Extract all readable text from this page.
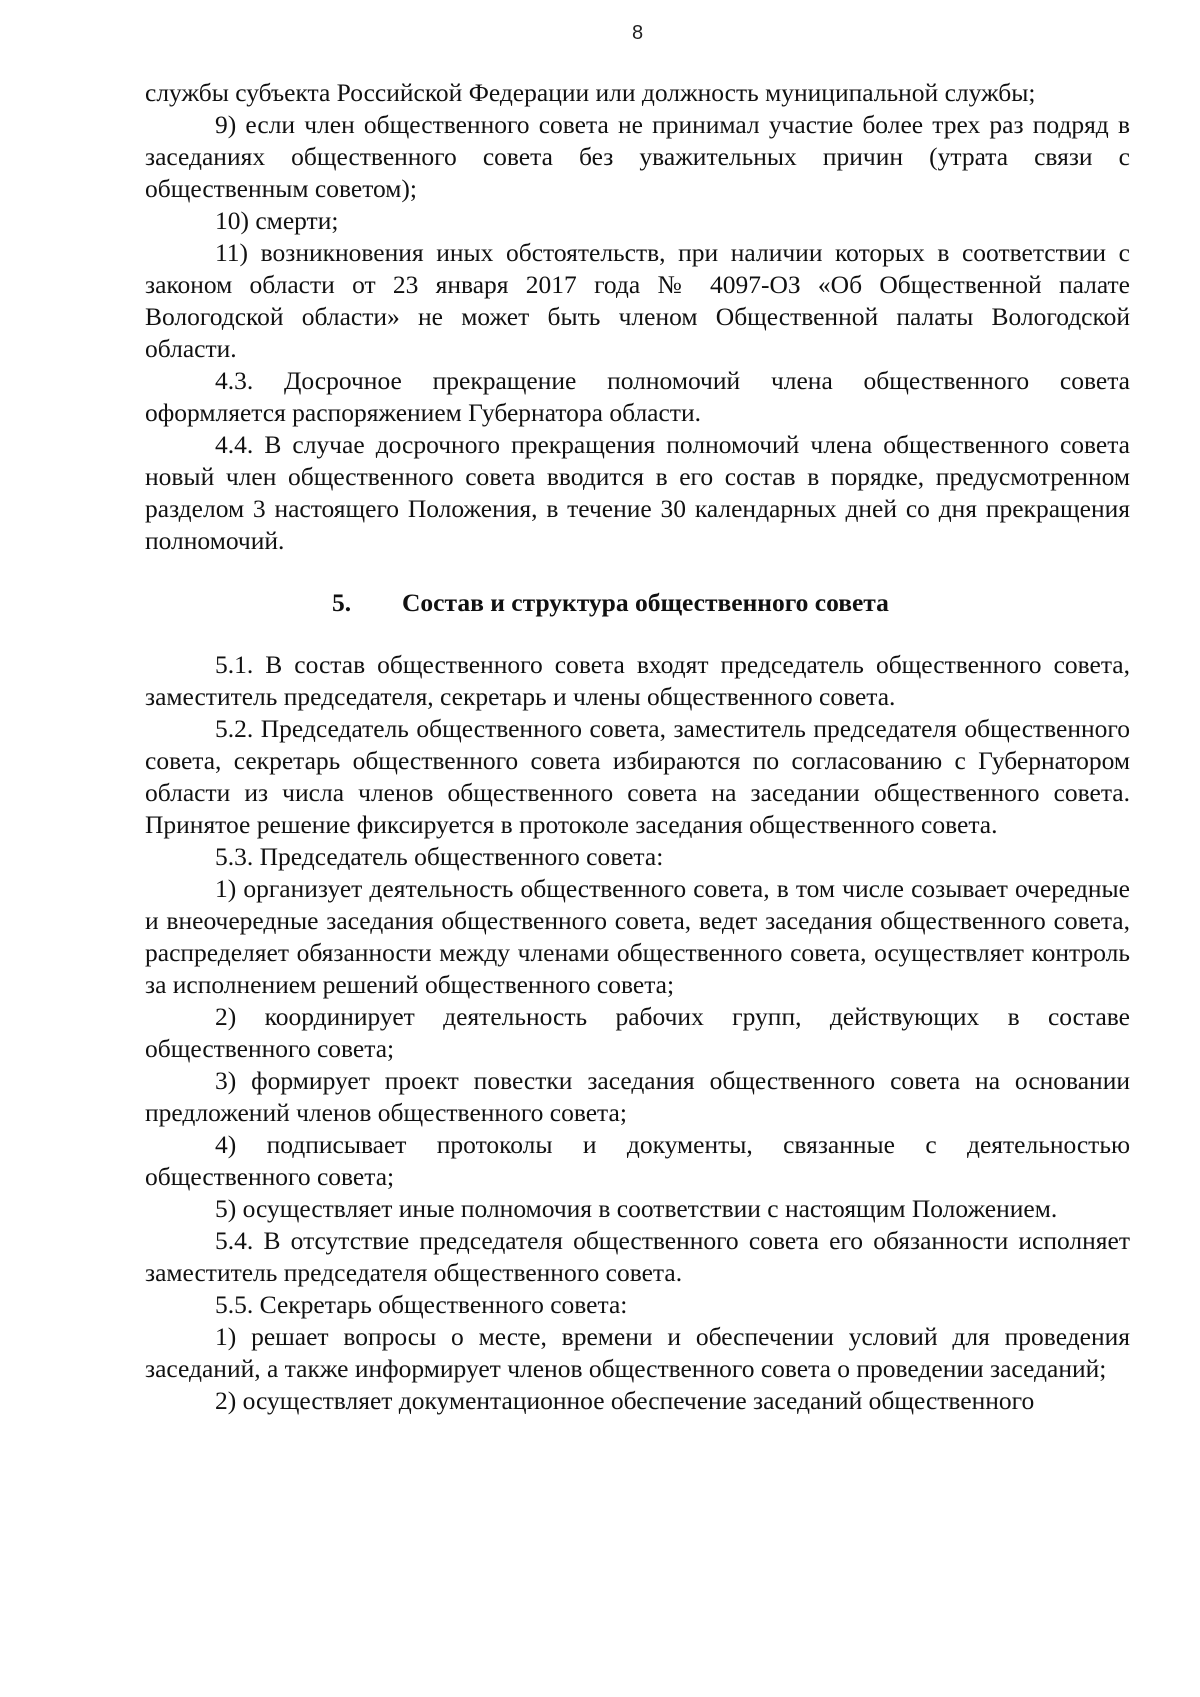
8

службы субъекта Российской Федерации или должность муниципальной службы;

9) если член общественного совета не принимал участие более трех раз подряд в заседаниях общественного совета без уважительных причин (утрата связи с общественным советом);

10) смерти;

11) возникновения иных обстоятельств, при наличии которых в соответствии с законом области от 23 января 2017 года № 4097-ОЗ «Об Общественной палате Вологодской области» не может быть членом Общественной палаты Вологодской области.

4.3. Досрочное прекращение полномочий члена общественного совета оформляется распоряжением Губернатора области.

4.4. В случае досрочного прекращения полномочий члена общественного совета новый член общественного совета вводится в его состав в порядке, предусмотренном разделом 3 настоящего Положения, в течение 30 календарных дней со дня прекращения полномочий.

5. Состав и структура общественного совета

5.1. В состав общественного совета входят председатель общественного совета, заместитель председателя, секретарь и члены общественного совета.

5.2. Председатель общественного совета, заместитель председателя общественного совета, секретарь общественного совета избираются по согласованию с Губернатором области из числа членов общественного совета на заседании общественного совета. Принятое решение фиксируется в протоколе заседания общественного совета.

5.3. Председатель общественного совета:

1) организует деятельность общественного совета, в том числе созывает очередные и внеочередные заседания общественного совета, ведет заседания общественного совета, распределяет обязанности между членами общественного совета, осуществляет контроль за исполнением решений общественного совета;

2) координирует деятельность рабочих групп, действующих в составе общественного совета;

3) формирует проект повестки заседания общественного совета на основании предложений членов общественного совета;

4) подписывает протоколы и документы, связанные с деятельностью общественного совета;

5) осуществляет иные полномочия в соответствии с настоящим Положением.

5.4. В отсутствие председателя общественного совета его обязанности исполняет заместитель председателя общественного совета.

5.5. Секретарь общественного совета:

1) решает вопросы о месте, времени и обеспечении условий для проведения заседаний, а также информирует членов общественного совета о проведении заседаний;

2) осуществляет документационное обеспечение заседаний общественного
